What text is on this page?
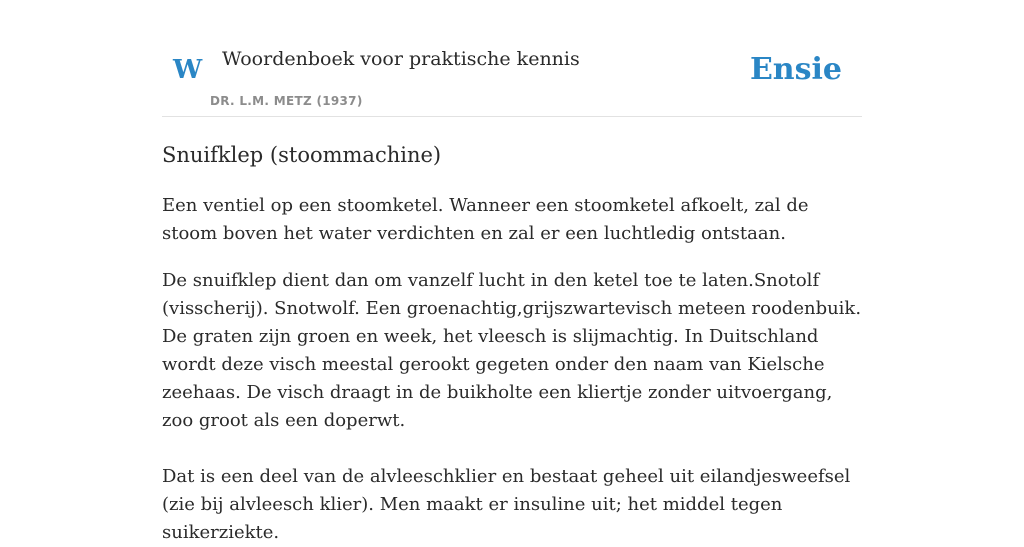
W Woordenboek voor praktische kennis
DR. L.M. METZ (1937)
Ensie
Snuifklep (stoommachine)

Een ventiel op een stoomketel. Wanneer een stoomketel afkoelt, zal de stoom boven het water verdichten en zal er een luchtledig ontstaan.

De snuifklep dient dan om vanzelf lucht in den ketel toe te laten.Snotolf (visscherij). Snotwolf. Een groenachtig,grijszwartevisch meteen roodenbuik. De graten zijn groen en week, het vleesch is slijmachtig. In Duitschland wordt deze visch meestal gerookt gegeten onder den naam van Kielsche zeehaas. De visch draagt in de buikholte een kliertje zonder uitvoergang, zoo groot als een doperwt.

Dat is een deel van de alvleeschklier en bestaat geheel uit eilandjesweefsel (zie bij alvleesch klier). Men maakt er insuline uit; het middel tegen suikerziekte.
